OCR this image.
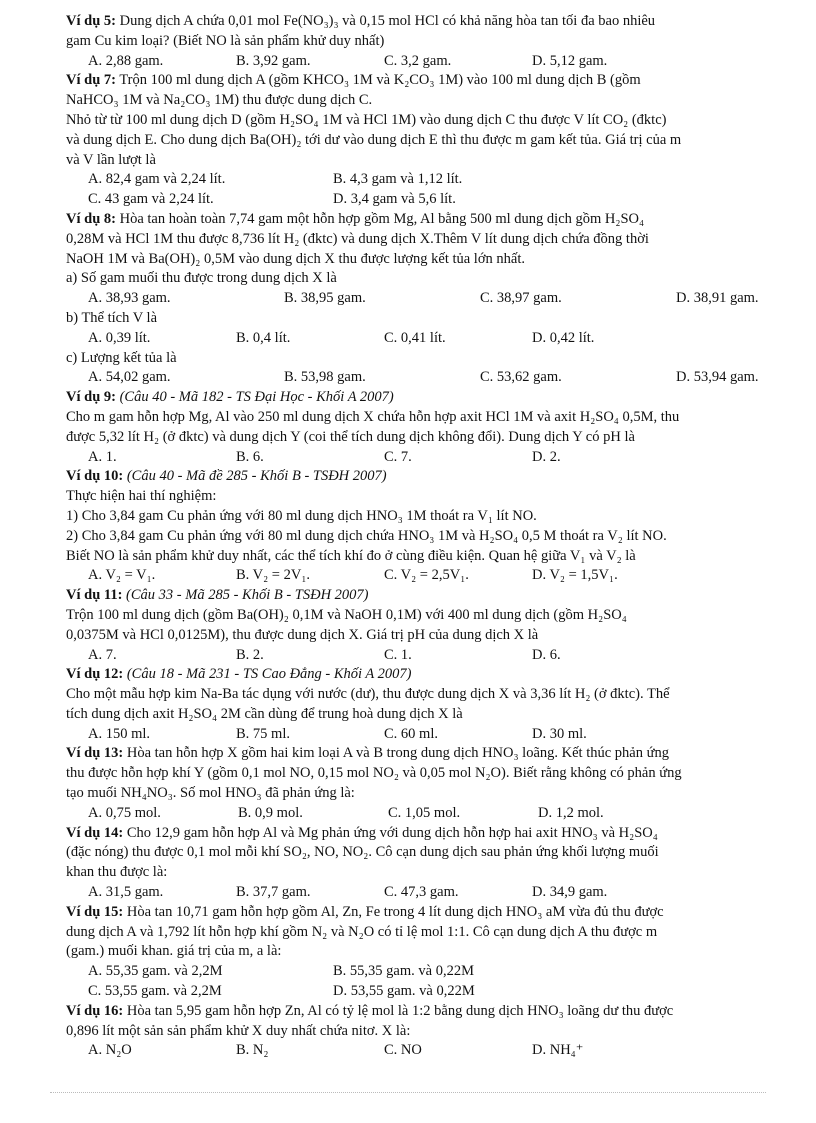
Ví dụ 5: Dung dịch A chứa 0,01 mol Fe(NO₃)₃ và 0,15 mol HCl có khả năng hòa tan tối đa bao nhiêu
gam Cu kim loại? (Biết NO là sản phẩm khử duy nhất)
A. 2,88 gam.	B. 3,92 gam.	C. 3,2 gam.	D. 5,12 gam.
Ví dụ 7: Trộn 100 ml dung dịch A (gồm KHCO₃ 1M và K₂CO₃ 1M) vào 100 ml dung dịch B (gồm
NaHCO₃ 1M và Na₂CO₃ 1M) thu được dung dịch C.
Nhỏ từ từ 100 ml dung dịch D (gồm H₂SO₄ 1M và HCl 1M) vào dung dịch C thu được V lít CO₂ (đktc)
và dung dịch E. Cho dung dịch Ba(OH)₂ tới dư vào dung dịch E thì thu được m gam kết tủa. Giá trị của m
và V lần lượt là
A. 82,4 gam và 2,24 lít.	B. 4,3 gam và 1,12 lít.
C. 43 gam và 2,24 lít.	D. 3,4 gam và 5,6 lít.
Ví dụ 8: Hòa tan hoàn toàn 7,74 gam một hỗn hợp gồm Mg, Al bằng 500 ml dung dịch gồm H₂SO₄
0,28M và HCl 1M thu được 8,736 lít H₂ (đktc) và dung dịch X.Thêm V lít dung dịch chứa đồng thời
NaOH 1M và Ba(OH)₂ 0,5M vào dung dịch X thu được lượng kết tủa lớn nhất.
a) Số gam muối thu được trong dung dịch X là
A. 38,93 gam.	B. 38,95 gam.	C. 38,97 gam.	D. 38,91 gam.
b) Thể tích V là
A. 0,39 lít.	B. 0,4 lít.	C. 0,41 lít.	D. 0,42 lít.
c) Lượng kết tủa là
A. 54,02 gam.	B. 53,98 gam.	C. 53,62 gam.	D. 53,94 gam.
Ví dụ 9: (Câu 40 - Mã 182 - TS Đại Học - Khối A 2007)
Cho m gam hỗn hợp Mg, Al vào 250 ml dung dịch X chứa hỗn hợp axit HCl 1M và axit H₂SO₄ 0,5M, thu
được 5,32 lít H₂ (ở đktc) và dung dịch Y (coi thể tích dung dịch không đổi). Dung dịch Y có pH là
A. 1.	B. 6.	C. 7.	D. 2.
Ví dụ 10: (Câu 40 - Mã đề 285 - Khối B - TSĐH 2007)
Thực hiện hai thí nghiệm:
1) Cho 3,84 gam Cu phản ứng với 80 ml dung dịch HNO₃ 1M thoát ra V₁ lít NO.
2) Cho 3,84 gam Cu phản ứng với 80 ml dung dịch chứa HNO₃ 1M và H₂SO₄ 0,5 M thoát ra V₂ lít NO.
Biết NO là sản phẩm khử duy nhất, các thể tích khí đo ở cùng điều kiện. Quan hệ giữa V₁ và V₂ là
A. V₂ = V₁.	B. V₂ = 2V₁.	C. V₂ = 2,5V₁.	D. V₂ = 1,5V₁.
Ví dụ 11: (Câu 33 - Mã 285 - Khối B - TSĐH 2007)
Trộn 100 ml dung dịch (gồm Ba(OH)₂ 0,1M và NaOH 0,1M) với 400 ml dung dịch (gồm H₂SO₄
0,0375M và HCl 0,0125M), thu được dung dịch X. Giá trị pH của dung dịch X là
A. 7.	B. 2.	C. 1.	D. 6.
Ví dụ 12: (Câu 18 - Mã 231 - TS Cao Đẳng - Khối A 2007)
Cho một mẫu hợp kim Na-Ba tác dụng với nước (dư), thu được dung dịch X và 3,36 lít H₂ (ở đktc). Thể
tích dung dịch axit H₂SO₄ 2M cần dùng để trung hoà dung dịch X là
A. 150 ml.	B. 75 ml.	C. 60 ml.	D. 30 ml.
Ví dụ 13: Hòa tan hỗn hợp X gồm hai kim loại A và B trong dung dịch HNO₃ loãng. Kết thúc phản ứng
thu được hỗn hợp khí Y (gồm 0,1 mol NO, 0,15 mol NO₂ và 0,05 mol N₂O). Biết rằng không có phản ứng
tạo muối NH₄NO₃. Số mol HNO₃ đã phản ứng là:
A. 0,75 mol.	B. 0,9 mol.	C. 1,05 mol.	D. 1,2 mol.
Ví dụ 14: Cho 12,9 gam hỗn hợp Al và Mg phản ứng với dung dịch hỗn hợp hai axit HNO₃ và H₂SO₄
(đặc nóng) thu được 0,1 mol mỗi khí SO₂, NO, NO₂. Cô cạn dung dịch sau phản ứng khối lượng muối
khan thu được là:
A. 31,5 gam.	B. 37,7 gam.	C. 47,3 gam.	D. 34,9 gam.
Ví dụ 15: Hòa tan 10,71 gam hỗn hợp gồm Al, Zn, Fe trong 4 lít dung dịch HNO₃ aM vừa đủ thu được
dung dịch A và 1,792 lít hỗn hợp khí gồm N₂ và N₂O có tỉ lệ mol 1:1. Cô cạn dung dịch A thu được m
(gam.) muối khan. giá trị của m, a là:
A. 55,35 gam. và 2,2M	B. 55,35 gam. và 0,22M
C. 53,55 gam. và 2,2M	D. 53,55 gam. và 0,22M
Ví dụ 16: Hòa tan 5,95 gam hỗn hợp Zn, Al có tỷ lệ mol là 1:2 bằng dung dịch HNO₃ loãng dư thu được
0,896 lít một sản sản phẩm khử X duy nhất chứa nitơ. X là:
A. N₂O	B. N₂	C. NO	D. NH₄⁺
